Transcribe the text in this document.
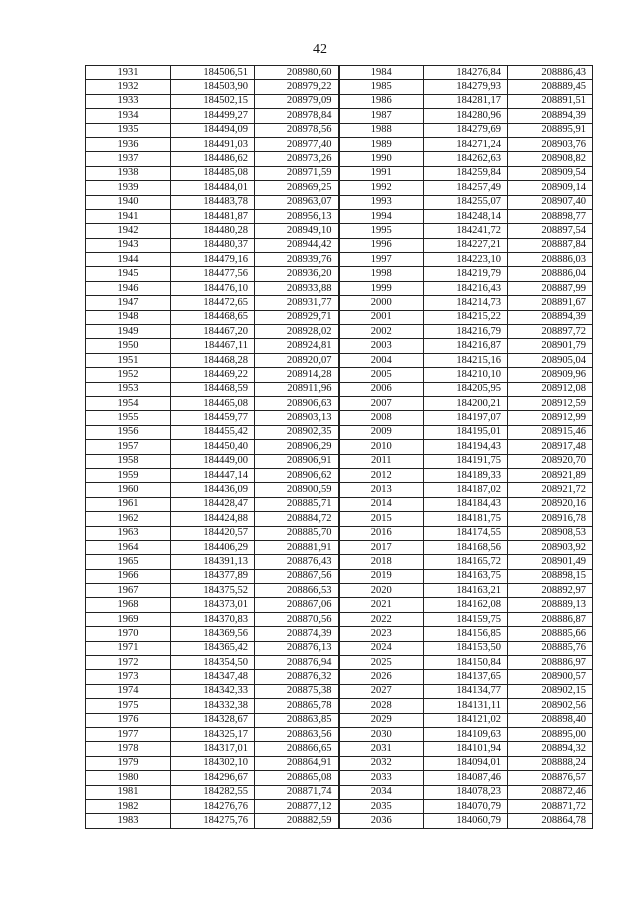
42
1931	184506,51	208980,60	1984	184276,84	208886,43
1932	184503,90	208979,22	1985	184279,93	208889,45
1933	184502,15	208979,09	1986	184281,17	208891,51
1934	184499,27	208978,84	1987	184280,96	208894,39
1935	184494,09	208978,56	1988	184279,69	208895,91
1936	184491,03	208977,40	1989	184271,24	208903,76
1937	184486,62	208973,26	1990	184262,63	208908,82
1938	184485,08	208971,59	1991	184259,84	208909,54
1939	184484,01	208969,25	1992	184257,49	208909,14
1940	184483,78	208963,07	1993	184255,07	208907,40
1941	184481,87	208956,13	1994	184248,14	208898,77
1942	184480,28	208949,10	1995	184241,72	208897,54
1943	184480,37	208944,42	1996	184227,21	208887,84
1944	184479,16	208939,76	1997	184223,10	208886,03
1945	184477,56	208936,20	1998	184219,79	208886,04
1946	184476,10	208933,88	1999	184216,43	208887,99
1947	184472,65	208931,77	2000	184214,73	208891,67
1948	184468,65	208929,71	2001	184215,22	208894,39
1949	184467,20	208928,02	2002	184216,79	208897,72
1950	184467,11	208924,81	2003	184216,87	208901,79
1951	184468,28	208920,07	2004	184215,16	208905,04
1952	184469,22	208914,28	2005	184210,10	208909,96
1953	184468,59	208911,96	2006	184205,95	208912,08
1954	184465,08	208906,63	2007	184200,21	208912,59
1955	184459,77	208903,13	2008	184197,07	208912,99
1956	184455,42	208902,35	2009	184195,01	208915,46
1957	184450,40	208906,29	2010	184194,43	208917,48
1958	184449,00	208906,91	2011	184191,75	208920,70
1959	184447,14	208906,62	2012	184189,33	208921,89
1960	184436,09	208900,59	2013	184187,02	208921,72
1961	184428,47	208885,71	2014	184184,43	208920,16
1962	184424,88	208884,72	2015	184181,75	208916,78
1963	184420,57	208885,70	2016	184174,55	208908,53
1964	184406,29	208881,91	2017	184168,56	208903,92
1965	184391,13	208876,43	2018	184165,72	208901,49
1966	184377,89	208867,56	2019	184163,75	208898,15
1967	184375,52	208866,53	2020	184163,21	208892,97
1968	184373,01	208867,06	2021	184162,08	208889,13
1969	184370,83	208870,56	2022	184159,75	208886,87
1970	184369,56	208874,39	2023	184156,85	208885,66
1971	184365,42	208876,13	2024	184153,50	208885,76
1972	184354,50	208876,94	2025	184150,84	208886,97
1973	184347,48	208876,32	2026	184137,65	208900,57
1974	184342,33	208875,38	2027	184134,77	208902,15
1975	184332,38	208865,78	2028	184131,11	208902,56
1976	184328,67	208863,85	2029	184121,02	208898,40
1977	184325,17	208863,56	2030	184109,63	208895,00
1978	184317,01	208866,65	2031	184101,94	208894,32
1979	184302,10	208864,91	2032	184094,01	208888,24
1980	184296,67	208865,08	2033	184087,46	208876,57
1981	184282,55	208871,74	2034	184078,23	208872,46
1982	184276,76	208877,12	2035	184070,79	208871,72
1983	184275,76	208882,59	2036	184060,79	208864,78
